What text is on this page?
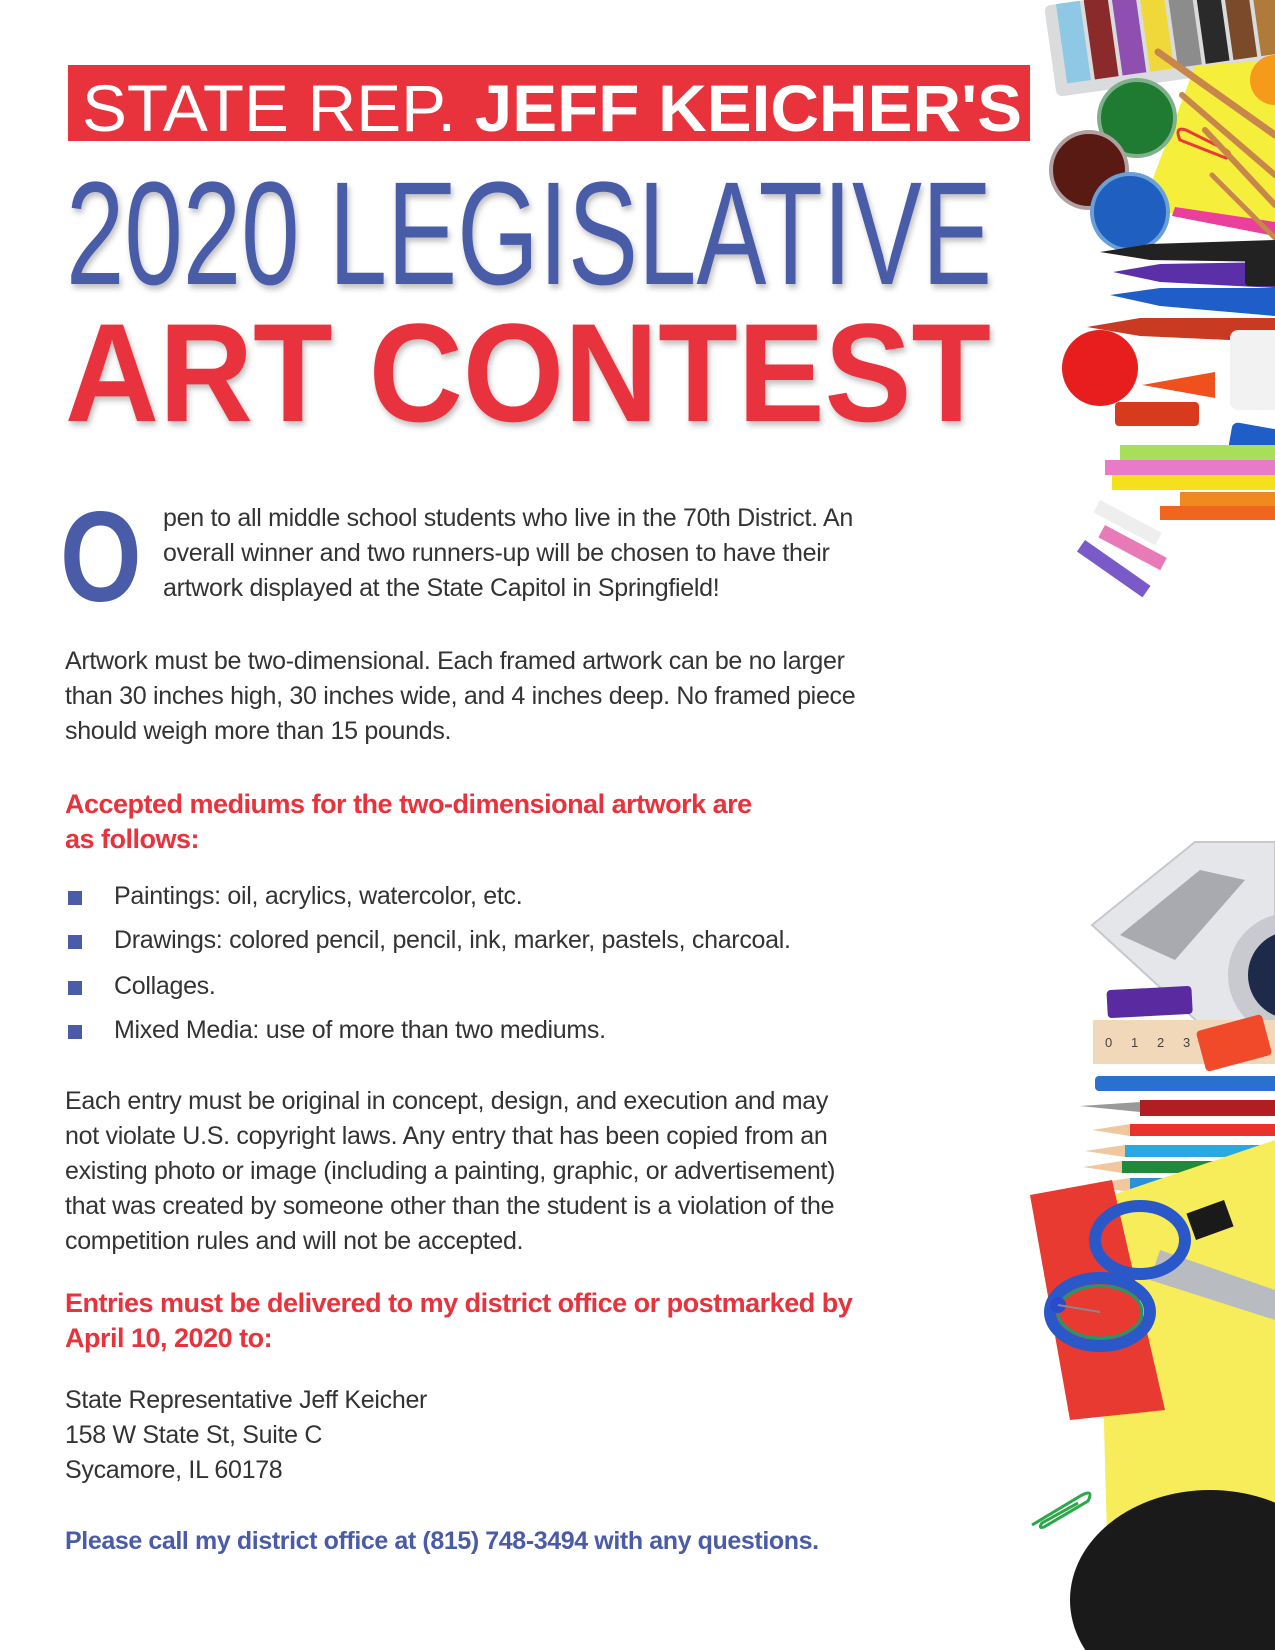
STATE REP. JEFF KEICHER'S
2020 LEGISLATIVE
ART CONTEST
O pen to all middle school students who live in the 70th District. An
overall winner and two runners-up will be chosen to have their
artwork displayed at the State Capitol in Springfield!
Artwork must be two-dimensional. Each framed artwork can be no larger
than 30 inches high, 30 inches wide, and 4 inches deep. No framed piece
should weigh more than 15 pounds.
Accepted mediums for the two-dimensional artwork are
as follows:
Paintings: oil, acrylics, watercolor, etc.
Drawings: colored pencil, pencil, ink, marker, pastels, charcoal.
Collages.
Mixed Media: use of more than two mediums.
Each entry must be original in concept, design, and execution and may
not violate U.S. copyright laws. Any entry that has been copied from an
existing photo or image (including a painting, graphic, or advertisement)
that was created by someone other than the student is a violation of the
competition rules and will not be accepted.
Entries must be delivered to my district office or postmarked by
April 10, 2020 to:
State Representative Jeff Keicher
158 W State St, Suite C
Sycamore, IL 60178
Please call my district office at (815) 748-3494 with any questions.
0 1 2 3
